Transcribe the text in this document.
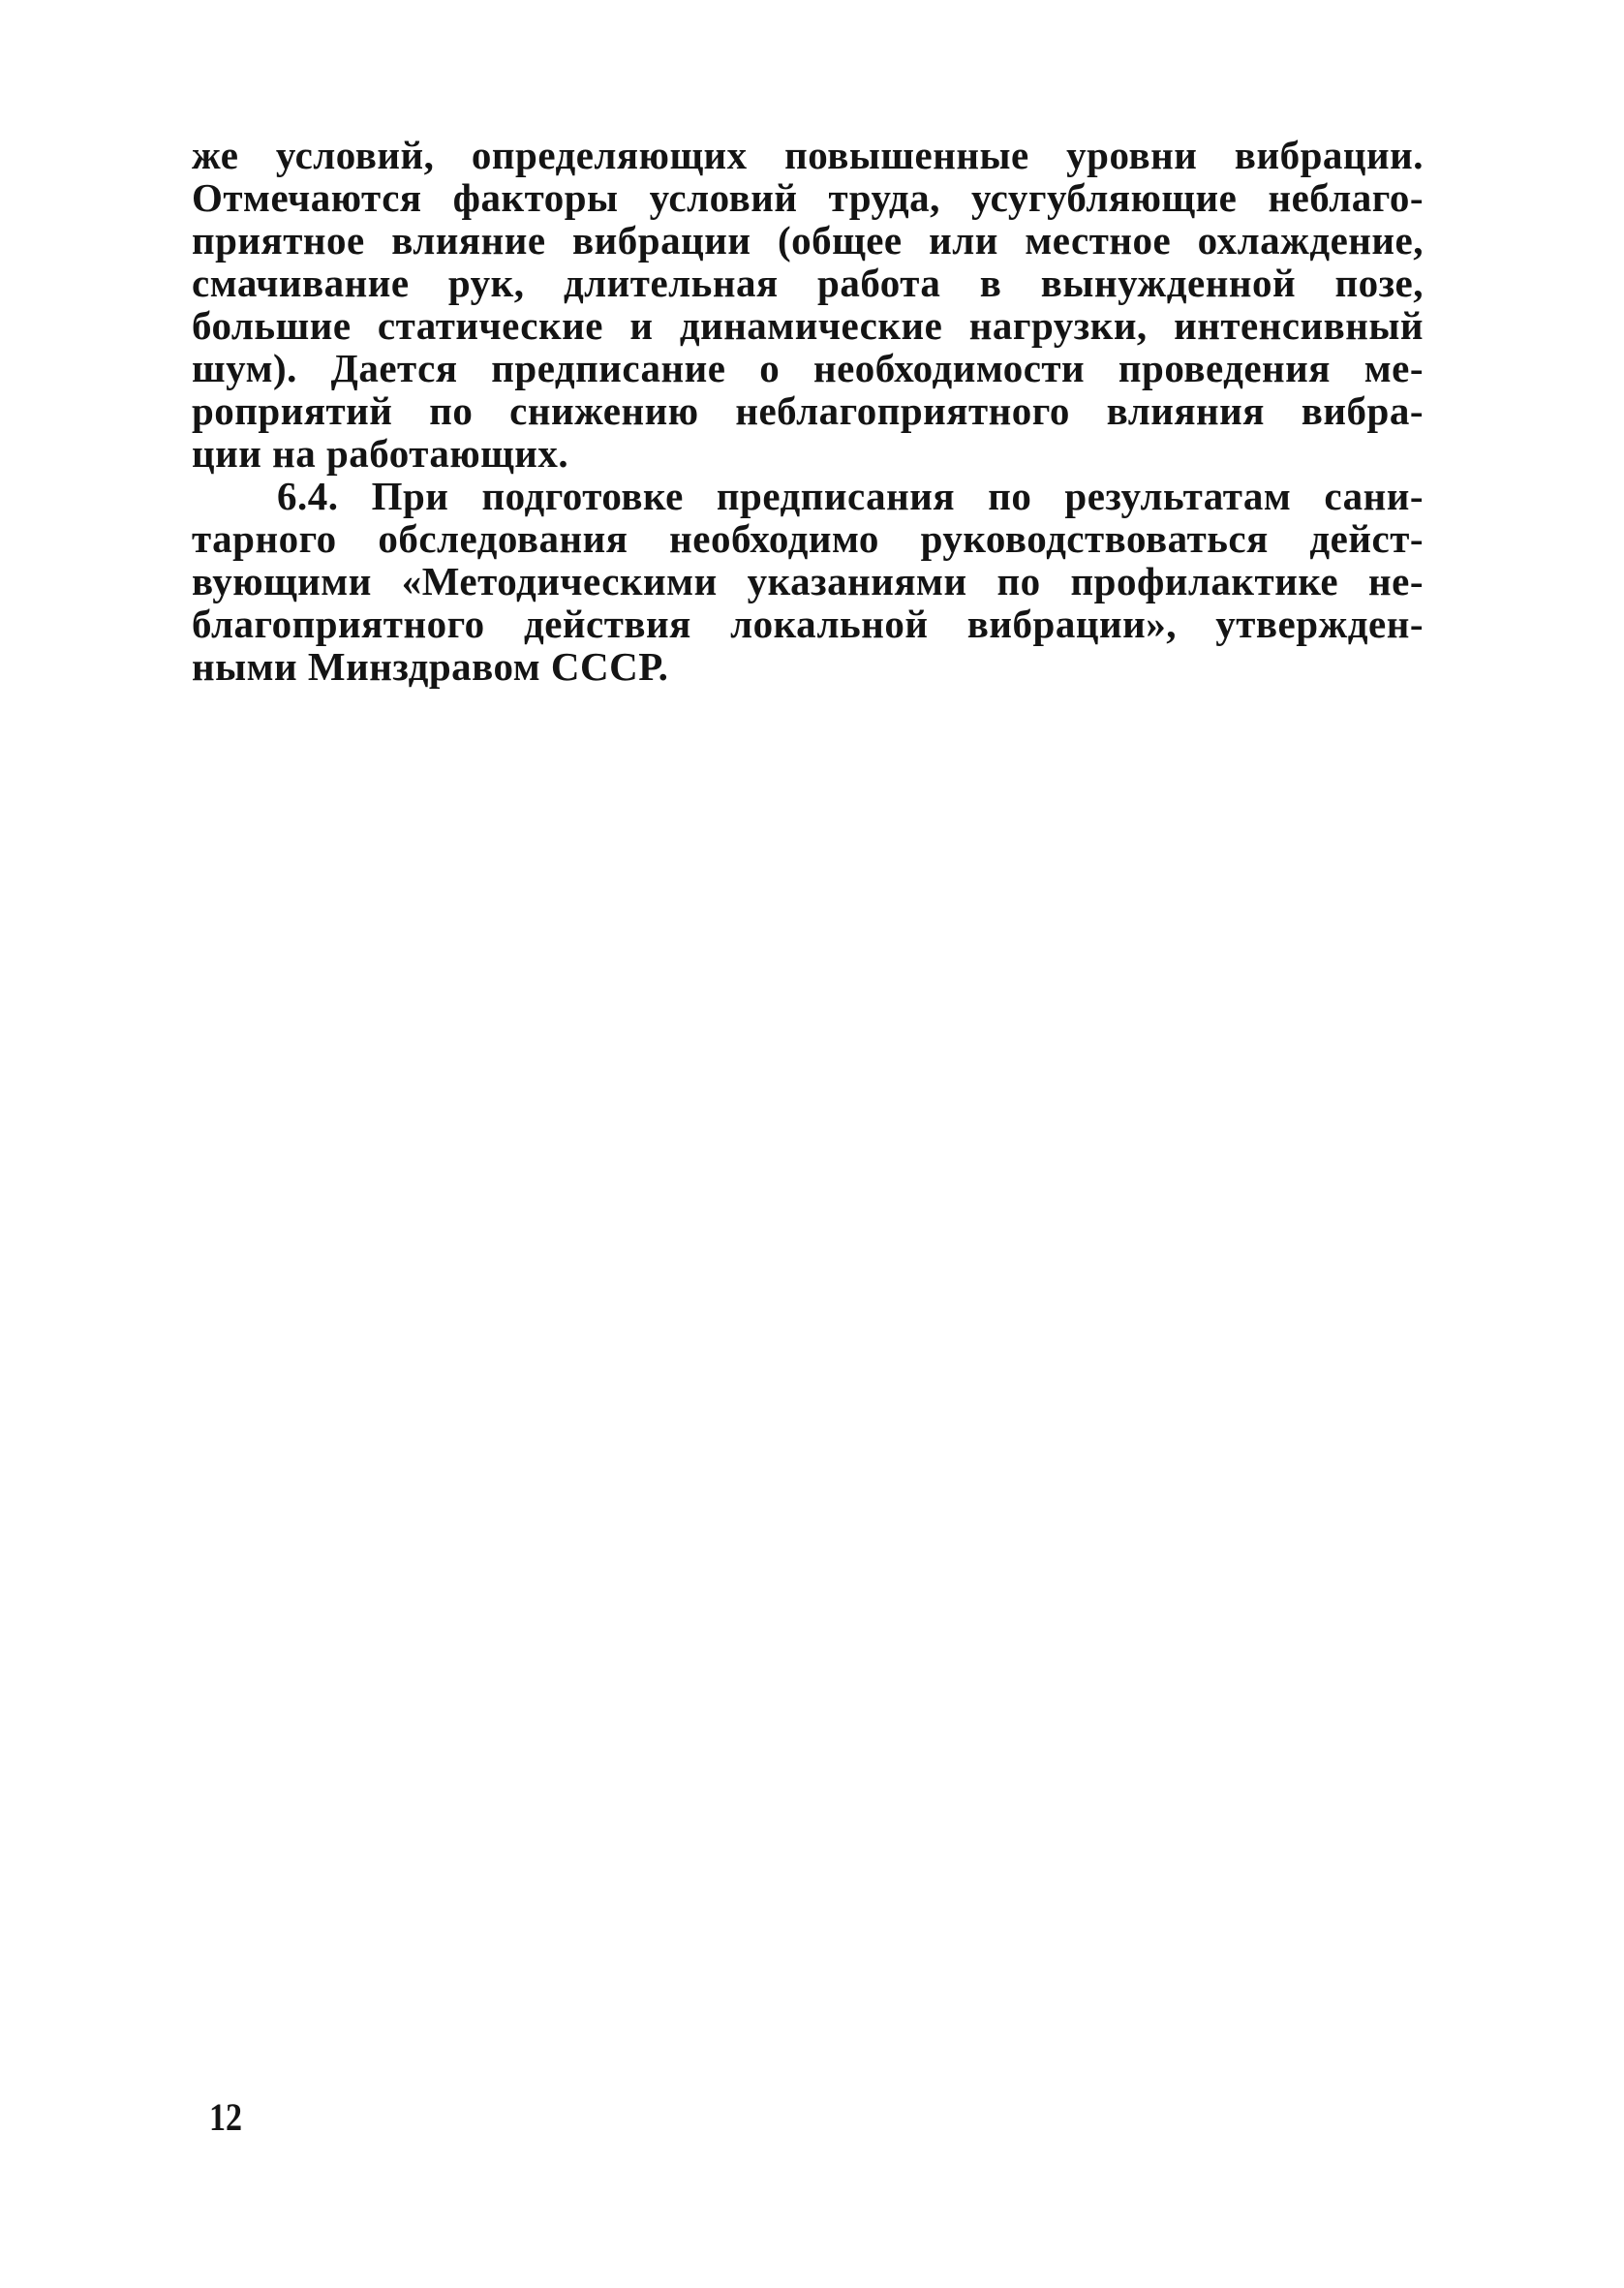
же условий, определяющих повышенные уровни вибрации.
Отмечаются факторы условий труда, усугубляющие неблаго-
приятное влияние вибрации (общее или местное охлаждение,
смачивание рук, длительная работа в вынужденной позе,
большие статические и динамические нагрузки, интенсивный
шум). Дается предписание о необходимости проведения ме-
роприятий по снижению неблагоприятного влияния вибра-
ции на работающих.
6.4. При подготовке предписания по результатам сани-
тарного обследования необходимо руководствоваться дейст-
вующими «Методическими указаниями по профилактике не-
благоприятного действия локальной вибрации», утвержден-
ными Минздравом СССР.
12
